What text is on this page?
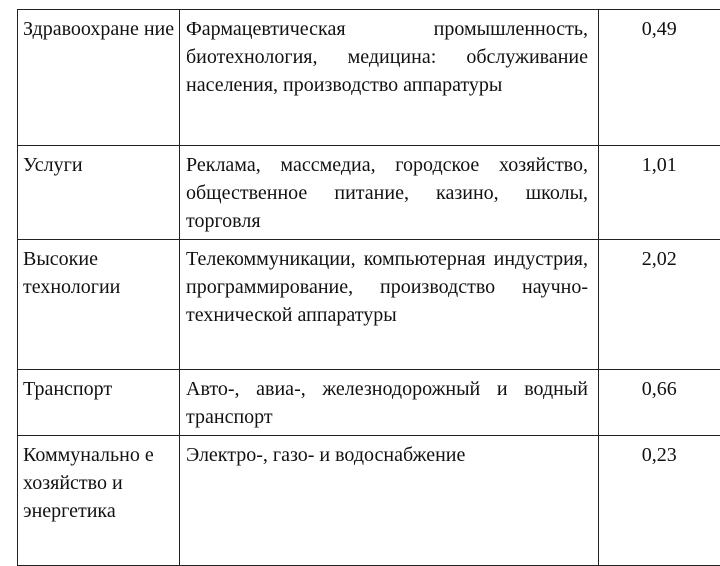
Здравоохране ние	Фармацевтическая промышленность, биотехнология, медицина: обслуживание населения, производство аппаратуры	0,49
Услуги	Реклама, массмедиа, городское хозяйство, общественное питание, казино, школы, торговля	1,01
Высокие технологии	Телекоммуникации, компьютерная индустрия, программирование, производство научно-технической аппаратуры	2,02
Транспорт	Авто-, авиа-, железнодорожный и водный транспорт	0,66
Коммунально е хозяйство и энергетика	Электро-, газо- и водоснабжение	0,23
